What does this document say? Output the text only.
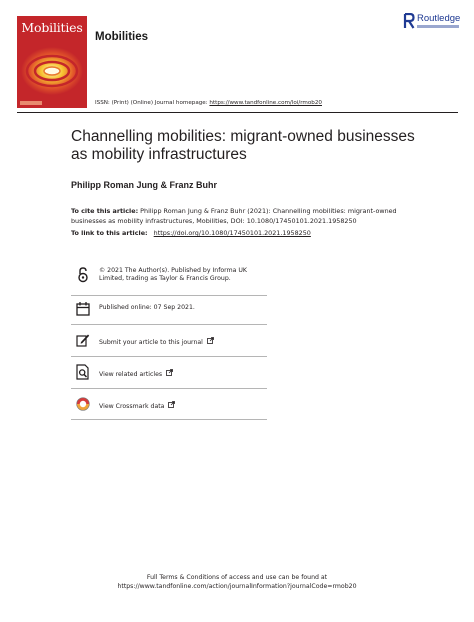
Mobilities
Mobilities
Routledge
ISSN: (Print) (Online) Journal homepage: https://www.tandfonline.com/loi/rmob20
Channelling mobilities: migrant-owned businesses as mobility infrastructures
Philipp Roman Jung & Franz Buhr
To cite this article: Philipp Roman Jung & Franz Buhr (2021): Channelling mobilities: migrant-owned businesses as mobility infrastructures, Mobilities, DOI: 10.1080/17450101.2021.1958250
To link to this article: https://doi.org/10.1080/17450101.2021.1958250
© 2021 The Author(s). Published by Informa UK Limited, trading as Taylor & Francis Group.
Published online: 07 Sep 2021.
Submit your article to this journal
View related articles
View Crossmark data
Full Terms & Conditions of access and use can be found at
https://www.tandfonline.com/action/journalInformation?journalCode=rmob20
